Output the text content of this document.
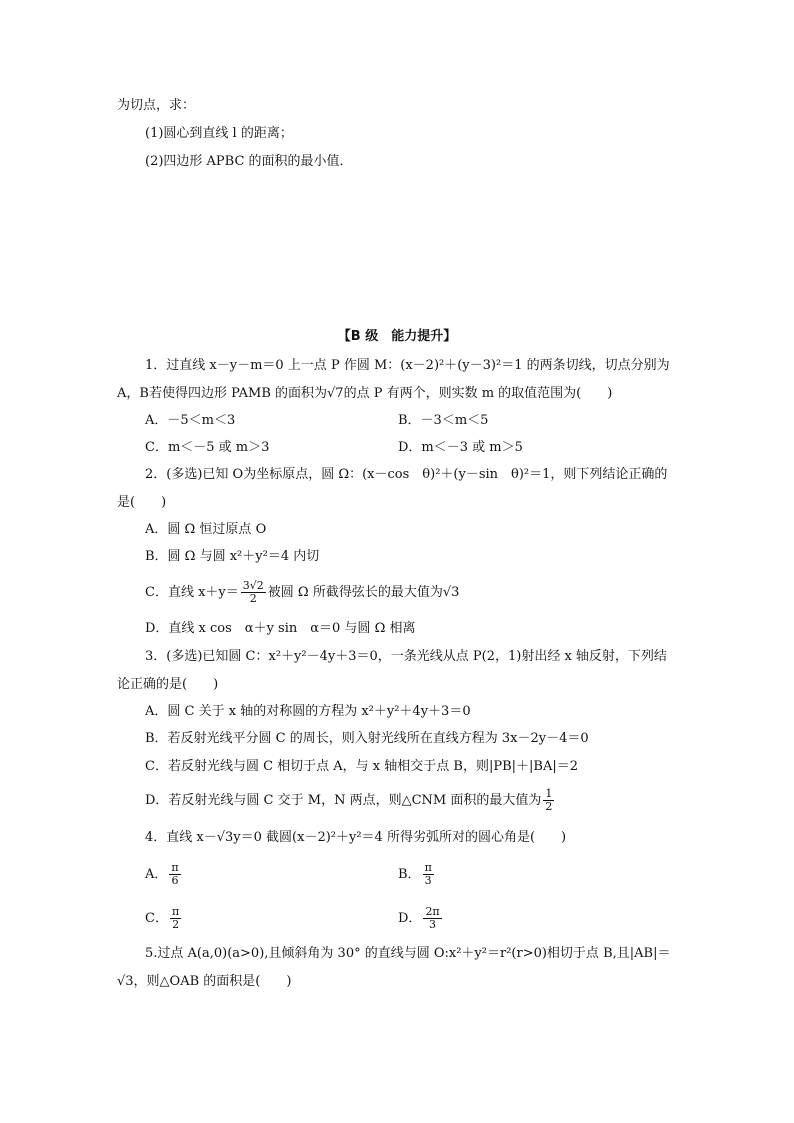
为切点，求：
(1)圆心到直线 l 的距离；
(2)四边形 APBC 的面积的最小值．
【B 级　能力提升】
1．过直线 x－y－m＝0 上一点 P 作圆 M：(x－2)²＋(y－3)²＝1 的两条切线，切点分别为
A，B若使得四边形 PAMB 的面积为√7的点 P 有两个，则实数 m 的取值范围为(　　)
A．－5＜m＜3	B．－3＜m＜5
C．m＜－5 或 m＞3	D．m＜－3 或 m＞5
2．(多选)已知 O为坐标原点，圆 Ω：(x－cos　θ)²＋(y－sin　θ)²＝1，则下列结论正确的
是(　　)
A．圆 Ω 恒过原点 O
B．圆 Ω 与圆 x²＋y²＝4 内切
C．直线 $x+y= \frac{3√2}{2}$ 被圆 Ω 所截得弦长的最大值为√3
D．直线 x cos　α＋y sin　α＝0 与圆 Ω 相离
3．(多选)已知圆 C：x²＋y²－4y＋3＝0，一条光线从点 P(2，1)射出经 x 轴反射，下列结
论正确的是(　　)
A．圆 C 关于 x 轴的对称圆的方程为 x²＋y²＋4y＋3＝0
B．若反射光线平分圆 C 的周长，则入射光线所在直线方程为 3x－2y－4＝0
C．若反射光线与圆 C 相切于点 A，与 x 轴相交于点 B，则|PB|＋|BA|＝2
D．若反射光线与圆 C 交于 M，N 两点，则△CNM 面积的最大值为 $\frac{1}{2}$
4．直线 x－√3y＝0 截圆(x－2)²＋y²＝4 所得劣弧所对的圆心角是(　　)
A． $\frac{\pi}{6}$	B． $\frac{\pi}{3}$
C． $\frac{\pi}{2}$	D． $\frac{2\pi}{3}$
5.过点 A(a,0)(a>0),且倾斜角为 30° 的直线与圆 O:x²＋y²＝r²(r>0)相切于点 B,且|AB|＝
√3，则△OAB 的面积是(　　)
